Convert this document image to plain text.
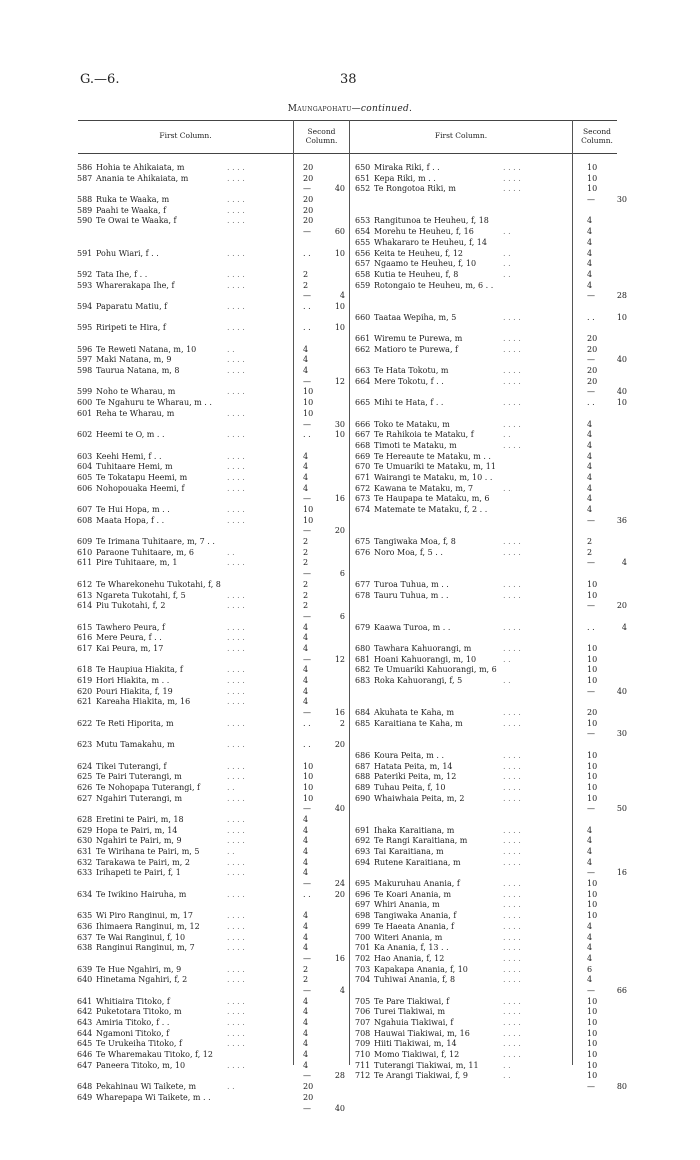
G.—6.	38
Maungapohatu—continued.
First Column.	Second
Column.
First Column.	Second
Column.
586 Hohia te Ahikaiata, m	. . . .	20
587 Anania te Ahikaiata, m	. . . .	20
—	40
588 Ruka te Waaka, m	. . . .	20
589 Paahi te Waaka, f	. . . .	20
590 Te Owai te Waaka, f	. . . .	20
—	60
591 Pohu Wiari, f . .	. . . .	. .	10
592 Tata Ihe, f . .	. . . .	2
593 Wharerakapa Ihe, f	. . . .	2
—	4
594 Paparatu Matiu, f	. . . .	. .	10
595 Riripeti te Hira, f	. . . .	. .	10
596 Te Reweti Natana, m, 10	. .	4
597 Maki Natana, m, 9	. . . .	4
598 Taurua Natana, m, 8	. . . .	4
—	12
599 Noho te Wharau, m	. . . .	10
600 Te Ngahuru te Wharau, m . .	10
601 Reha te Wharau, m	. . . .	10
—	30
602 Heemi te O, m . .	. . . .	. .	10
603 Keehi Hemi, f . .	. . . .	4
604 Tuhitaare Hemi, m	. . . .	4
605 Te Tokatapu Heemi, m	. . . .	4
606 Nohopouaka Heemi, f	. . . .	4
—	16
607 Te Hui Hopa, m . .	. . . .	10
608 Maata Hopa, f . .	. . . .	10
—	20
609 Te Irimana Tuhitaare, m, 7 . .	2
610 Paraone Tuhitaare, m, 6	. .	2
611 Pire Tuhitaare, m, 1	. . . .	2
—	6
612 Te Wharekonehu Tukotahi, f, 8	2
613 Ngareta Tukotahi, f, 5	. . . .	2
614 Piu Tukotahi, f, 2	. . . .	2
—	6
615 Tawhero Peura, f	. . . .	4
616 Mere Peura, f . .	. . . .	4
617 Kai Peura, m, 17	. . . .	4
—	12
618 Te Haupiua Hiakita, f	. . . .	4
619 Hori Hiakita, m . .	. . . .	4
620 Pouri Hiakita, f, 19	. . . .	4
621 Kareaha Hiakita, m, 16	. . . .	4
—	16
622 Te Reti Hiporita, m	. . . .	. .	2
623 Mutu Tamakahu, m	. . . .	. .	20
624 Tikei Tuterangi, f	. . . .	10
625 Te Pairi Tuterangi, m	. . . .	10
626 Te Nohopapa Tuterangi, f	. .	10
627 Ngahiri Tuterangi, m	. . . .	10
—	40
628 Eretini te Pairi, m, 18	. . . .	4
629 Hopa te Pairi, m, 14	. . . .	4
630 Ngahiri te Pairi, m, 9	. . . .	4
631 Te Wirihana te Pairi, m, 5	. .	4
632 Tarakawa te Pairi, m, 2	. . . .	4
633 Irihapeti te Pairi, f, 1	. . . .	4
—	24
634 Te Iwikino Hairuha, m	. . . .	. .	20
635 Wi Piro Ranginui, m, 17	. . . .	4
636 Ihimaera Ranginui, m, 12	. . . .	4
637 Te Wai Ranginui, f, 10	. . . .	4
638 Ranginui Ranginui, m, 7	. . . .	4
—	16
639 Te Hue Ngahiri, m, 9	. . . .	2
640 Hinetama Ngahiri, f, 2	. . . .	2
—	4
641 Whitiaira Titoko, f	. . . .	4
642 Puketotara Titoko, m	. . . .	4
643 Amiria Titoko, f . .	. . . .	4
644 Ngamoni Titoko, f	. . . .	4
645 Te Urukeiha Titoko, f	. . . .	4
646 Te Wharemakau Titoko, f, 12	4
647 Paneera Titoko, m, 10	. . . .	4
—	28
648 Pekahinau Wi Taikete, m	. .	20
649 Wharepapa Wi Taikete, m . .	20
—	40
650 Miraka Riki, f . .	. . . .	10
651 Kepa Riki, m . .	. . . .	10
652 Te Rongotoa Riki, m	. . . .	10
—	30
653 Rangitunoa te Heuheu, f, 18	4
654 Morehu te Heuheu, f, 16	. .	4
655 Whakararo te Heuheu, f, 14	4
656 Keita te Heuheu, f, 12	. .	4
657 Ngaamo te Heuheu, f, 10	. .	4
658 Kutia te Heuheu, f, 8	. .	4
659 Rotongaio te Heuheu, m, 6 . .	4
—	28
660 Taataa Wepiha, m, 5	. . . .	. .	10
661 Wiremu te Purewa, m	. . . .	20
662 Matioro te Purewa, f	. . . .	20
—	40
663 Te Hata Tokotu, m	. . . .	20
664 Mere Tokotu, f . .	. . . .	20
—	40
665 Mihi te Hata, f . .	. . . .	. .	10
666 Toko te Mataku, m	. . . .	4
667 Te Rahikoia te Mataku, f	. .	4
668 Timoti te Mataku, m	. . . .	4
669 Te Hereaute te Mataku, m . .	4
670 Te Umuariki te Mataku, m, 11	4
671 Wairangi te Mataku, m, 10 . .	4
672 Kawana te Mataku, m, 7	. .	4
673 Te Haupapa te Mataku, m, 6	4
674 Matemate te Mataku, f, 2 . .	4
—	36
675 Tangiwaka Moa, f, 8	. . . .	2
676 Noro Moa, f, 5 . .	. . . .	2
—	4
677 Turoa Tuhua, m . .	. . . .	10
678 Tauru Tuhua, m . .	. . . .	10
—	20
679 Kaawa Turoa, m . .	. . . .	. .	4
680 Tawhara Kahuorangi, m	. . . .	10
681 Hoani Kahuorangi, m, 10	. .	10
682 Te Umuariki Kahuorangi, m, 6	10
683 Roka Kahuorangi, f, 5	. .	10
—	40
684 Akuhata te Kaha, m	. . . .	20
685 Karaitiana te Kaha, m	. . . .	10
—	30
686 Koura Peita, m . .	. . . .	10
687 Hatata Peita, m, 14	. . . .	10
688 Pateriki Peita, m, 12	. . . .	10
689 Tuhau Peita, f, 10	. . . .	10
690 Whaiwhaia Peita, m, 2	. . . .	10
—	50
691 Ihaka Karaitiana, m	. . . .	4
692 Te Rangi Karaitiana, m	. . . .	4
693 Tai Karaitiana, m	. . . .	4
694 Rutene Karaitiana, m	. . . .	4
—	16
695 Makuruhau Anania, f	. . . .	10
696 Te Koari Anania, m	. . . .	10
697 Whiri Anania, m	. . . .	10
698 Tangiwaka Anania, f	. . . .	10
699 Te Haeata Anania, f	. . . .	4
700 Witeri Anania, m	. . . .	4
701 Ka Anania, f, 13 . .	. . . .	4
702 Hao Anania, f, 12	. . . .	4
703 Kapakapa Anania, f, 10	. . . .	6
704 Tuhiwai Anania, f, 8	. . . .	4
—	66
705 Te Pare Tiakiwai, f	. . . .	10
706 Turei Tiakiwai, m	. . . .	10
707 Ngahuia Tiakiwai, f	. . . .	10
708 Hauwai Tiakiwai, m, 16	. . . .	10
709 Hiiti Tiakiwai, m, 14	. . . .	10
710 Momo Tiakiwai, f, 12	. . . .	10
711 Tuterangi Tiakiwai, m, 11	. .	10
712 Te Arangi Tiakiwai, f, 9	. .	10
—	80
